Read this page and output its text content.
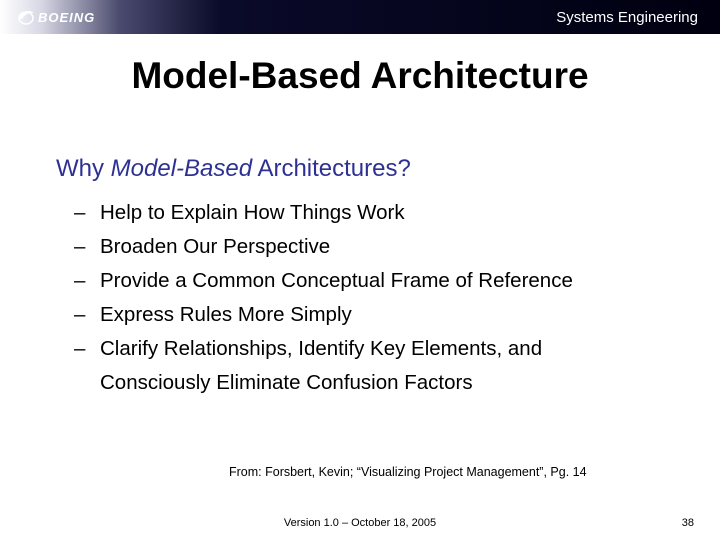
BOEING	Systems Engineering
Model-Based Architecture
Why Model-Based Architectures?
– Help to Explain How Things Work
– Broaden Our Perspective
– Provide a Common Conceptual Frame of Reference
– Express Rules More Simply
– Clarify Relationships, Identify Key Elements, and
Consciously Eliminate Confusion Factors
From: Forsbert, Kevin; “Visualizing Project Management”, Pg. 14
Version 1.0 – October 18, 2005	38
